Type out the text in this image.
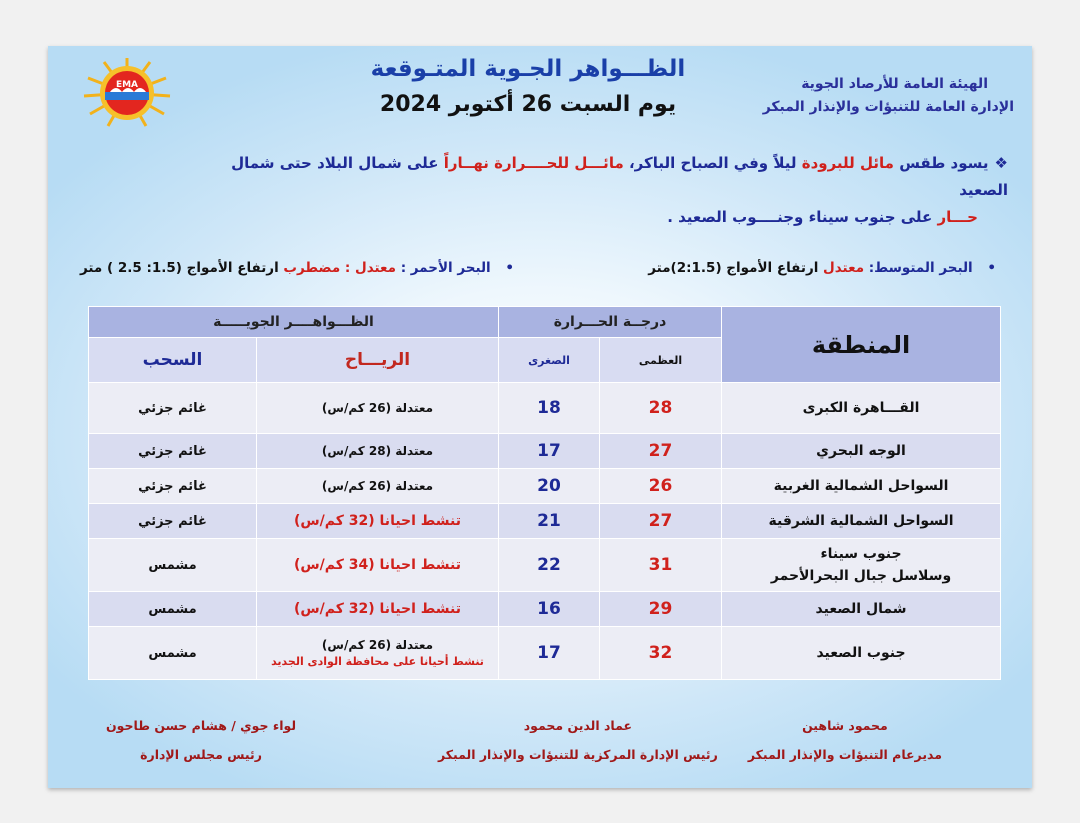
EMA
الظـــواهر الجـوية المتـوقعة
يوم السبت 26 أكتوبر 2024
الهيئة العامة للأرصاد الجوية
الإدارة العامة للتنبؤات والإنذار المبكر
❖يسود طقس مائل للبرودة ليلاً وفي الصباح الباكر، مائـــل للحــــرارة نهــاراً على شمال البلاد حتى شمال الصعيد
حـــار على جنوب سيناء وجنــــوب الصعيد .
• البحر المتوسط: معتدل ارتفاع الأمواج (2:1.5)متر
• البحر الأحمر : معتدل : مضطرب ارتفاع الأمواج (1.5: 2.5 ) متر
المنطقة	درجــة الحـــرارة		الظـــواهــــر الجويـــــة	
	العظمى	الصغرى	الريـــاح	السحب
القـــاهرة الكبرى	28	18	معتدلة (26 كم/س)	غائم جزئي
الوجه البحري	27	17	معتدلة (28 كم/س)	غائم جزئي
السواحل الشمالية الغربية	26	20	معتدلة (26 كم/س)	غائم جزئي
السواحل الشمالية الشرقية	27	21	تنشط احيانا (32 كم/س)	غائم جزئي

جنوب سيناء
وسلاسل جبال البحرالأحمر	31	22	تنشط احيانا (34 كم/س)	مشمس
شمال الصعيد	29	16	تنشط احيانا (32 كم/س)	مشمس
جنوب الصعيد	32	17	معتدلة (26 كم/س)
تنشط أحيانا على محافظة الوادى الجديد	مشمس
محمود شاهين
مديرعام التنبؤات والإنذار المبكر
عماد الدين محمود
رئيس الإدارة المركزية للتنبؤات والإنذار المبكر
لواء جوي / هشام حسن طاحون
رئيس مجلس الإدارة
